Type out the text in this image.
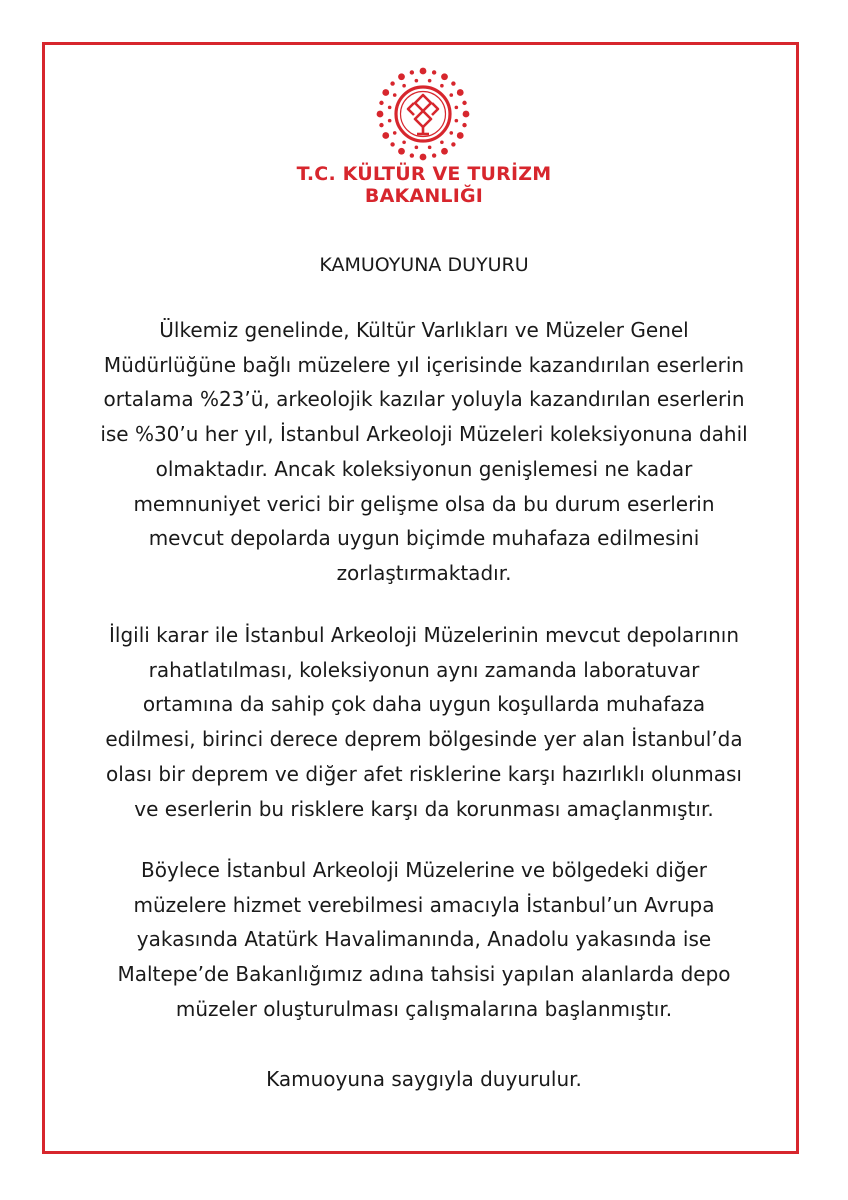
T.C. KÜLTÜR VE TURİZM
BAKANLIĞI
KAMUOYUNA DUYURU
Ülkemiz genelinde, Kültür Varlıkları ve Müzeler Genel
Müdürlüğüne bağlı müzelere yıl içerisinde kazandırılan eserlerin
ortalama %23’ü, arkeolojik kazılar yoluyla kazandırılan eserlerin
ise %30’u her yıl, İstanbul Arkeoloji Müzeleri koleksiyonuna dahil
olmaktadır. Ancak koleksiyonun genişlemesi ne kadar
memnuniyet verici bir gelişme olsa da bu durum eserlerin
mevcut depolarda uygun biçimde muhafaza edilmesini
zorlaştırmaktadır.
İlgili karar ile İstanbul Arkeoloji Müzelerinin mevcut depolarının
rahatlatılması, koleksiyonun aynı zamanda laboratuvar
ortamına da sahip çok daha uygun koşullarda muhafaza
edilmesi, birinci derece deprem bölgesinde yer alan İstanbul’da
olası bir deprem ve diğer afet risklerine karşı hazırlıklı olunması
ve eserlerin bu risklere karşı da korunması amaçlanmıştır.
Böylece İstanbul Arkeoloji Müzelerine ve bölgedeki diğer
müzelere hizmet verebilmesi amacıyla İstanbul’un Avrupa
yakasında Atatürk Havalimanında, Anadolu yakasında ise
Maltepe’de Bakanlığımız adına tahsisi yapılan alanlarda depo
müzeler oluşturulması çalışmalarına başlanmıştır.
Kamuoyuna saygıyla duyurulur.
